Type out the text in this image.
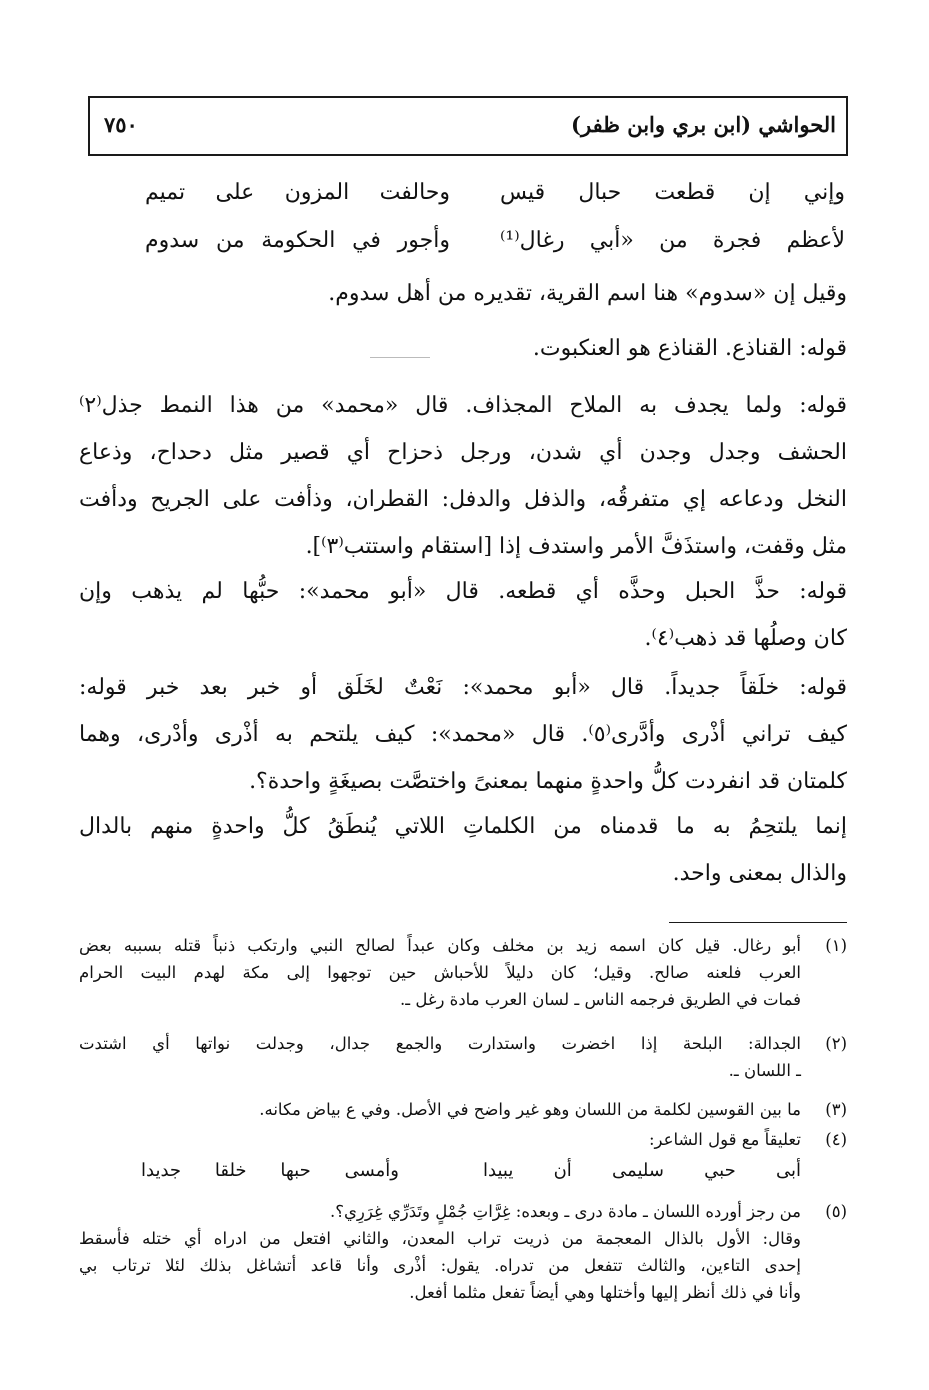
الحواشي (ابن بري وابن ظفر)
٧٥٠
وإني إن قطعت حبال قيس
وحالفت المزون على تميم
لأعظم فجرة من «أبي رغال⁽¹⁾
وأجور في الحكومة من سدوم
وقيل إن «سدوم» هنا اسم القرية، تقديره من أهل سدوم.
قوله: القناذع. القناذع هو العنكبوت.
قوله: ولما يجدف به الملاح المجذاف. قال «محمد» من هذا النمط جذل⁽٢⁾
الحشف وجدل وجدن أي شدن، ورجل ذحزاح أي قصير مثل دحداح، وذعاع
النخل ودعاعه إي متفرقُه، والذفل والدفل: القطران، وذأفت على الجريح ودأفت
مثل وقفت، واستذَفَّ الأمر واستدف إذا [استقام واستتب⁽٣⁾].
قوله: حذَّ الحبل وحذَّه أي قطعه. قال «أبو محمد»: حبُّها لم يذهب وإن
كان وصلُها قد ذهب⁽٤⁾.
قوله: خلَقاً جديداً. قال «أبو محمد»: نَعْتٌ لخَلَق أو خبر بعد خبر قوله:
كيف تراني أذْرى وأدَّرى⁽٥⁾. قال «محمد»: كيف يلتحم به أذْرى وأدْرى، وهما
كلمتان قد انفردت كلُّ واحدةٍ منهما بمعنىً واختصَّت بصيغَةٍ واحدة؟.
إنما يلتحِمُ به ما قدمناه من الكلماتِ اللاتي يُنطَقُ كلُّ واحدةٍ منهم بالدال
والذال بمعنى واحد.
(١)
أبو رغال. قيل كان اسمه زيد بن مخلف وكان عبداً لصالح النبي وارتكب ذنباً قتله بسببه بعض
العرب فلعنه صالح. وقيل؛ كان دليلاً للأحباش حين توجهوا إلى مكة لهدم البيت الحرام
فمات في الطريق فرجمه الناس ـ لسان العرب مادة رغل ـ.
(٢)
الجدالة: البلحة إذا اخضرت واستدارت والجمع جدال، وجدلت نواتها أي اشتدت
ـ اللسان ـ.
(٣)
ما بين القوسين لكلمة من اللسان وهو غير واضح في الأصل. وفي ع بياض مكانه.
(٤)
تعليقاً مع قول الشاعر:
أبى حبي سليمى أن يبيدا
وأمسى حبها خلقا جديدا
(٥)
من رجز أورده اللسان ـ مادة درى ـ وبعده: غِرَّاتِ جُمْلٍ وتَدَرِّي غِرَرِي؟.
وقال: الأول بالذال المعجمة من ذريت تراب المعدن، والثاني افتعل من ادراه أي ختله فأسقط
إحدى التاءين، والثالث تتفعل من تدراه. يقول: أذْرى وأنا قاعد أتشاغل بذلك لئلا ترتاب بي
وأنا في ذلك أنظر إليها وأختلها وهي أيضاً تفعل مثلما أفعل.
